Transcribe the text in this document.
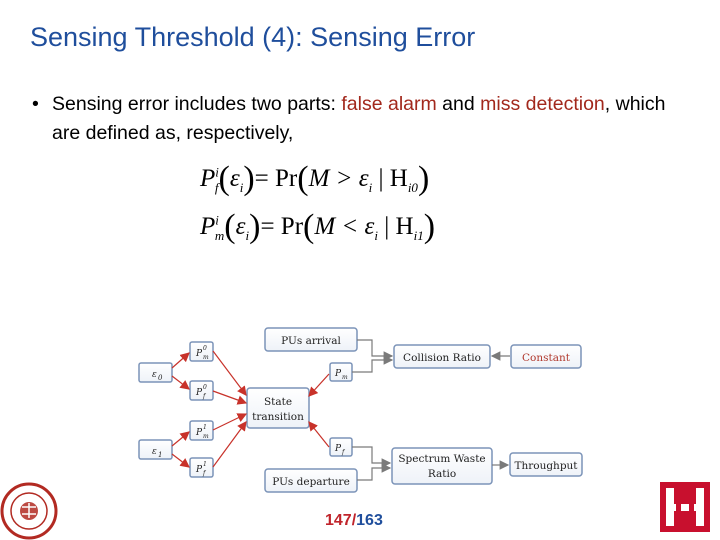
Sensing Threshold (4): Sensing Error
• Sensing error includes two parts: false alarm and miss detection, which are defined as, respectively,
$P^i_f(\varepsilon_i)= Pr(M > \varepsilon_i$ | $H_{i0}$)
$P^i_m(\varepsilon_i)= Pr(M < \varepsilon_i$ | $H_{i1}$)
PUs arrival
PUs departure
State
transition
Collision Ratio	Constant
Spectrum Waste
Ratio
Throughput
ε 0
ε 1
P
0
m
P
0
f
P
1
m
P
1
f
P m
P f
147/163
